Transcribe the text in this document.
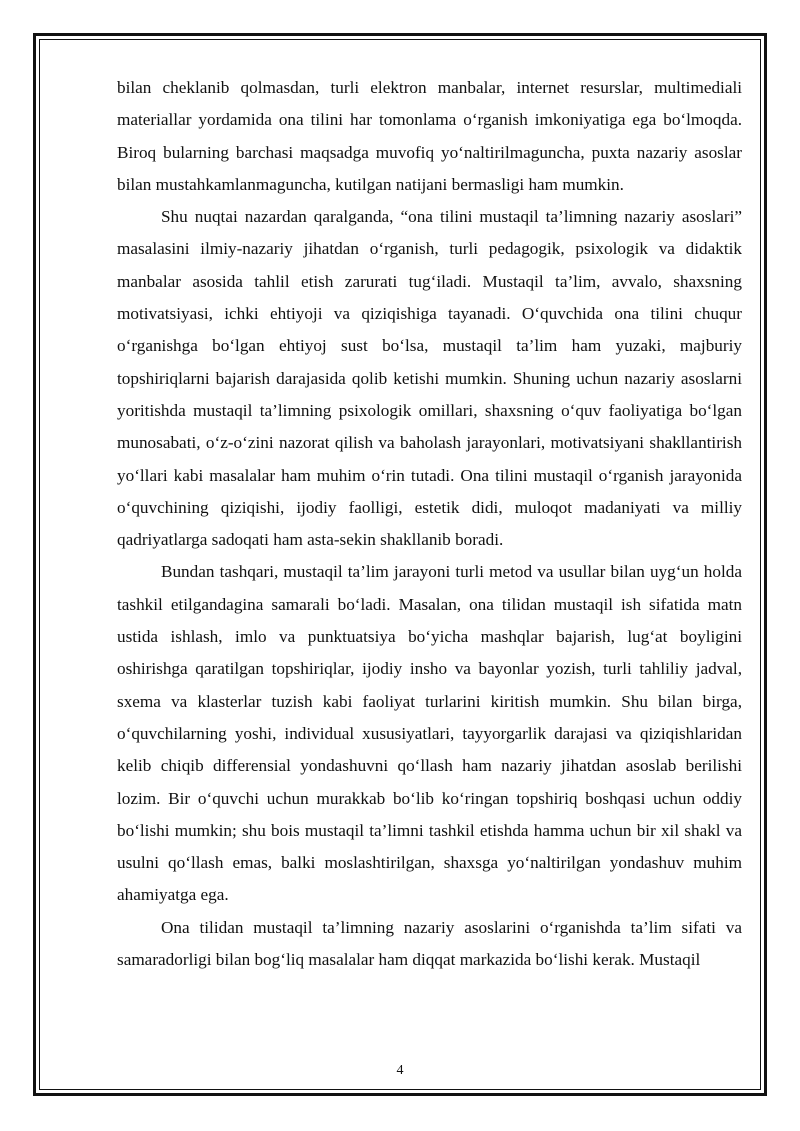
bilan cheklanib qolmasdan, turli elektron manbalar, internet resurslar, multimediali materiallar yordamida ona tilini har tomonlama o‘rganish imkoniyatiga ega bo‘lmoqda. Biroq bularning barchasi maqsadga muvofiq yo‘naltirilmaguncha, puxta nazariy asoslar bilan mustahkamlanmaguncha, kutilgan natijani bermasligi ham mumkin.

Shu nuqtai nazardan qaralganda, “ona tilini mustaqil ta’limning nazariy asoslari” masalasini ilmiy-nazariy jihatdan o‘rganish, turli pedagogik, psixologik va didaktik manbalar asosida tahlil etish zarurati tug‘iladi. Mustaqil ta’lim, avvalo, shaxsning motivatsiyasi, ichki ehtiyoji va qiziqishiga tayanadi. O‘quvchida ona tilini chuqur o‘rganishga bo‘lgan ehtiyoj sust bo‘lsa, mustaqil ta’lim ham yuzaki, majburiy topshiriqlarni bajarish darajasida qolib ketishi mumkin. Shuning uchun nazariy asoslarni yoritishda mustaqil ta’limning psixologik omillari, shaxsning o‘quv faoliyatiga bo‘lgan munosabati, o‘z-o‘zini nazorat qilish va baholash jarayonlari, motivatsiyani shakllantirish yo‘llari kabi masalalar ham muhim o‘rin tutadi. Ona tilini mustaqil o‘rganish jarayonida o‘quvchining qiziqishi, ijodiy faolligi, estetik didi, muloqot madaniyati va milliy qadriyatlarga sadoqati ham asta-sekin shakllanib boradi.

Bundan tashqari, mustaqil ta’lim jarayoni turli metod va usullar bilan uyg‘un holda tashkil etilgandagina samarali bo‘ladi. Masalan, ona tilidan mustaqil ish sifatida matn ustida ishlash, imlo va punktuatsiya bo‘yicha mashqlar bajarish, lug‘at boyligini oshirishga qaratilgan topshiriqlar, ijodiy insho va bayonlar yozish, turli tahliliy jadval, sxema va klasterlar tuzish kabi faoliyat turlarini kiritish mumkin. Shu bilan birga, o‘quvchilarning yoshi, individual xususiyatlari, tayyorgarlik darajasi va qiziqishlaridan kelib chiqib differensial yondashuvni qo‘llash ham nazariy jihatdan asoslab berilishi lozim. Bir o‘quvchi uchun murakkab bo‘lib ko‘ringan topshiriq boshqasi uchun oddiy bo‘lishi mumkin; shu bois mustaqil ta’limni tashkil etishda hamma uchun bir xil shakl va usulni qo‘llash emas, balki moslashtirilgan, shaxsga yo‘naltirilgan yondashuv muhim ahamiyatga ega.

Ona tilidan mustaqil ta’limning nazariy asoslarini o‘rganishda ta’lim sifati va samaradorligi bilan bog‘liq masalalar ham diqqat markazida bo‘lishi kerak. Mustaqil

4
